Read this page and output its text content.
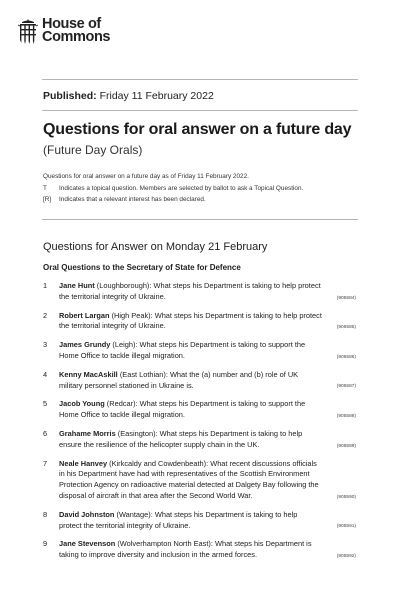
House of
Commons
Published: Friday 11 February 2022
Questions for oral answer on a future day
(Future Day Orals)
Questions for oral answer on a future day as of Friday 11 February 2022.
T	Indicates a topical question. Members are selected by ballot to ask a Topical Question.
[R]	Indicates that a relevant interest has been declared.
Questions for Answer on Monday 21 February
Oral Questions to the Secretary of State for Defence
1	Jane Hunt (Loughborough): What steps his Department is taking to help protect the territorial integrity of Ukraine.	(905584)
2	Robert Largan (High Peak): What steps his Department is taking to help protect the territorial integrity of Ukraine.	(905585)
3	James Grundy (Leigh): What steps his Department is taking to support the Home Office to tackle illegal migration.	(905586)
4	Kenny MacAskill (East Lothian): What the (a) number and (b) role of UK military personnel stationed in Ukraine is.	(905587)
5	Jacob Young (Redcar): What steps his Department is taking to support the Home Office to tackle illegal migration.	(905588)
6	Grahame Morris (Easington): What steps his Department is taking to help ensure the resilience of the helicopter supply chain in the UK.	(905589)
7	Neale Hanvey (Kirkcaldy and Cowdenbeath): What recent discussions officials in his Department have had with representatives of the Scottish Environment Protection Agency on radioactive material detected at Dalgety Bay following the disposal of aircraft in that area after the Second World War.	(905590)
8	David Johnston (Wantage): What steps his Department is taking to help protect the territorial integrity of Ukraine.	(905591)
9	Jane Stevenson (Wolverhampton North East): What steps his Department is taking to improve diversity and inclusion in the armed forces.	(905592)
